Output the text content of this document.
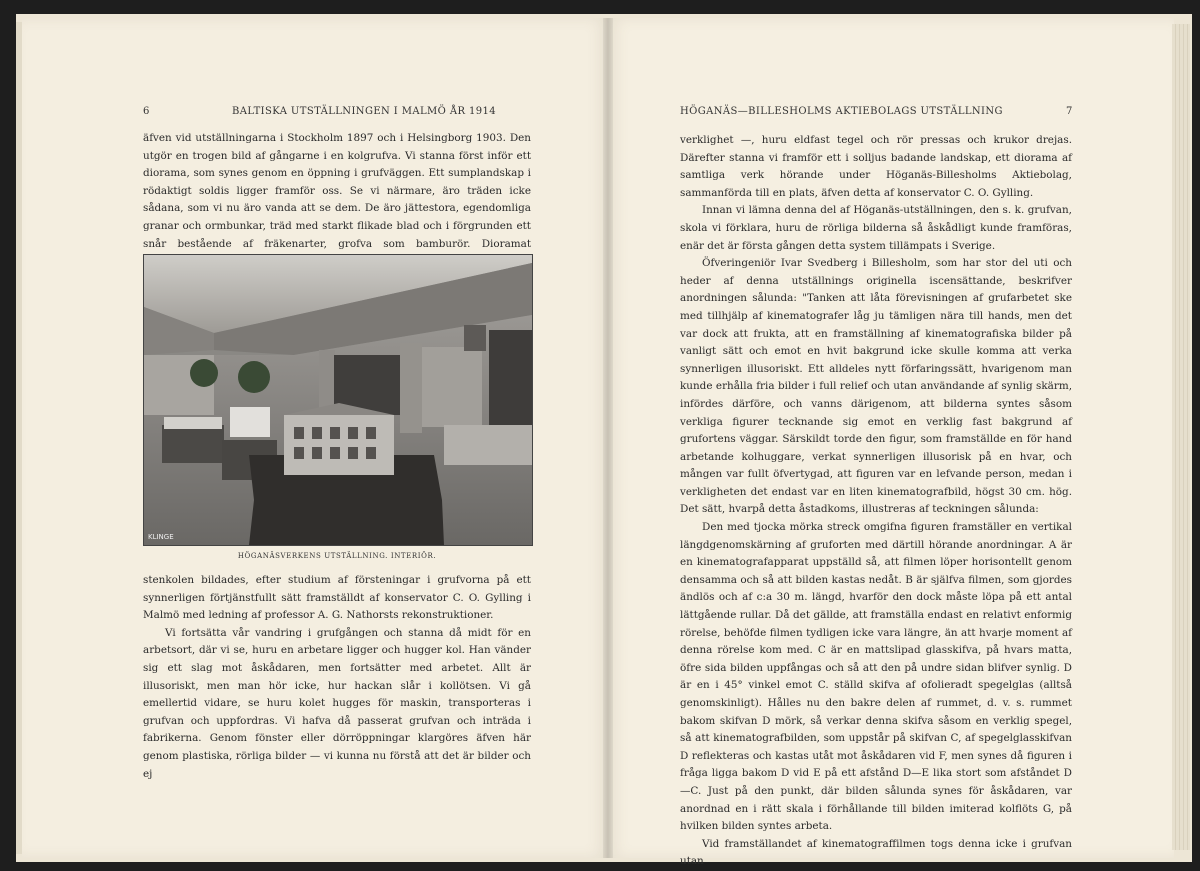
6	BALTISKA UTSTÄLLNINGEN I MALMÖ ÅR 1914

äfven vid utställningarna i Stockholm 1897 och i Helsingborg 1903. Den utgör en trogen bild af gångarne i en kolgrufva. Vi stanna först inför ett diorama, som synes genom en öppning i grufväggen. Ett sumplandskap i rödaktigt soldis ligger framför oss. Se vi närmare, äro träden icke sådana, som vi nu äro vanda att se dem. De äro jättestora, egendomliga granar och ormbunkar, träd med starkt flikade blad och i förgrunden ett snår bestående af fräkenarter, grofva som bamburör. Dioramat

KLINGE
HÖGANÄSVERKENS UTSTÄLLNING. INTERIÖR.

stenkolen bildades, efter studium af försteningar i grufvorna på ett synnerligen förtjänstfullt sätt framställdt af konservator C. O. Gylling i Malmö med ledning af professor A. G. Nathorsts rekonstruktioner.

Vi fortsätta vår vandring i grufgången och stanna då midt för en arbetsort, där vi se, huru en arbetare ligger och hugger kol. Han vänder sig ett slag mot åskådaren, men fortsätter med arbetet. Allt är illusoriskt, men man hör icke, hur hackan slår i kollötsen. Vi gå emellertid vidare, se huru kolet hugges för maskin, transporteras i grufvan och uppfordras. Vi hafva då passerat grufvan och inträda i fabrikerna. Genom fönster eller dörröppningar klargöres äfven här genom plastiska, rörliga bilder — vi kunna nu förstå att det är bilder och ej

HÖGANÄS—BILLESHOLMS AKTIEBOLAGS UTSTÄLLNING	7

verklighet —, huru eldfast tegel och rör pressas och krukor drejas. Därefter stanna vi framför ett i solljus badande landskap, ett diorama af samtliga verk hörande under Höganäs-Billesholms Aktiebolag, sammanförda till en plats, äfven detta af konservator C. O. Gylling.

Innan vi lämna denna del af Höganäs-utställningen, den s. k. grufvan, skola vi förklara, huru de rörliga bilderna så åskådligt kunde framföras, enär det är första gången detta system tillämpats i Sverige.

Öfveringeniör Ivar Svedberg i Billesholm, som har stor del uti och heder af denna utställnings originella iscensättande, beskrifver anordningen sålunda: "Tanken att låta förevisningen af grufarbetet ske med tillhjälp af kinematografer låg ju tämligen nära till hands, men det var dock att frukta, att en framställning af kinematografiska bilder på vanligt sätt och emot en hvit bakgrund icke skulle komma att verka synnerligen illusoriskt. Ett alldeles nytt förfaringssätt, hvarigenom man kunde erhålla fria bilder i full relief och utan användande af synlig skärm, infördes därföre, och vanns därigenom, att bilderna syntes såsom verkliga figurer tecknande sig emot en verklig fast bakgrund af grufortens väggar. Särskildt torde den figur, som framställde en för hand arbetande kolhuggare, verkat synnerligen illusorisk på en hvar, och mången var fullt öfvertygad, att figuren var en lefvande person, medan i verkligheten det endast var en liten kinematografbild, högst 30 cm. hög. Det sätt, hvarpå detta åstadkoms, illustreras af teckningen sålunda:

Den med tjocka mörka streck omgifna figuren framställer en vertikal längdgenomskärning af gruforten med därtill hörande anordningar. A är en kinematografapparat uppställd så, att filmen löper horisontellt genom densamma och så att bilden kastas nedåt. B är själfva filmen, som gjordes ändlös och af c:a 30 m. längd, hvarför den dock måste löpa på ett antal lättgående rullar. Då det gällde, att framställa endast en relativt enformig rörelse, behöfde filmen tydligen icke vara längre, än att hvarje moment af denna rörelse kom med. C är en mattslipad glasskifva, på hvars matta, öfre sida bilden uppfångas och så att den på undre sidan blifver synlig. D är en i 45° vinkel emot C. ställd skifva af ofolieradt spegelglas (alltså genomskinligt). Hålles nu den bakre delen af rummet, d. v. s. rummet bakom skifvan D mörk, så verkar denna skifva såsom en verklig spegel, så att kinematografbilden, som uppstår på skifvan C, af spegelglasskifvan D reflekteras och kastas utåt mot åskådaren vid F, men synes då figuren i fråga ligga bakom D vid E på ett afstånd D—E lika stort som afståndet D—C. Just på den punkt, där bilden sålunda synes för åskådaren, var anordnad en i rätt skala i förhållande till bilden imiterad kolflöts G, på hvilken bilden syntes arbeta.

Vid framställandet af kinematograffilmen togs denna icke i grufvan utan
